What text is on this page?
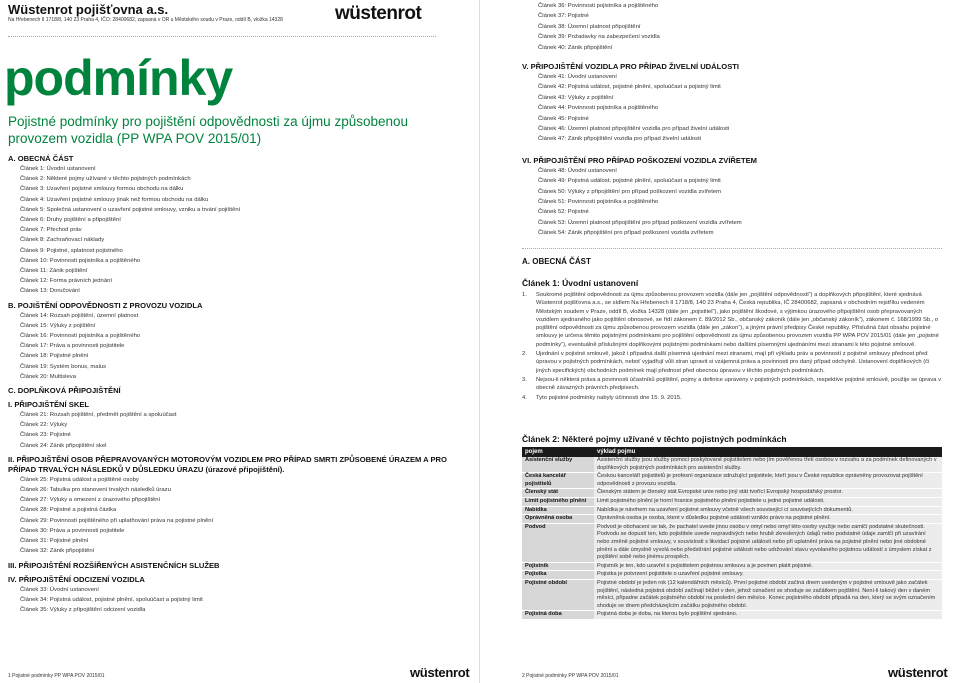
Wüstenrot pojišťovna a.s.
Na Hřebenech II 1718/8, 140 23 Praha 4, IČO: 28400682, zapsaná v OR u Městského soudu v Praze, oddíl B, vložka 14328	wüstenrot
podmínky
Pojistné podmínky pro pojištění odpovědnosti za újmu způsobenou provozem vozidla (PP WPA POV 2015/01)
A. OBECNÁ ČÁST
Článek 1: Úvodní ustanovení
Článek 2: Některé pojmy užívané v těchto pojistných podmínkách
Článek 3: Uzavření pojistné smlouvy formou obchodu na dálku
Článek 4: Uzavření pojistné smlouvy jinak než formou obchodu na dálku
Článek 5: Společná ustanovení o uzavření pojistné smlouvy, vzniku a trvání pojištění
Článek 6: Druhy pojištění a připojištění
Článek 7: Přechod práv
Článek 8: Zachraňovací náklady
Článek 9: Pojistné, splatnost pojistného
Článek 10: Povinnosti pojistníka a pojištěného
Článek 11: Zánik pojištění
Článek 12: Forma právních jednání
Článek 13: Doručování
B. POJIŠTĚNÍ ODPOVĚDNOSTI Z PROVOZU VOZIDLA
Článek 14: Rozsah pojištění, územní platnost
Článek 15: Výluky z pojištění
Článek 16: Povinnosti pojistníka a pojištěného
Článek 17: Práva a povinnosti pojistitele
Článek 18: Pojistné plnění
Článek 19: Systém bonus, malus
Článek 20: Multisleva
C. DOPLŇKOVÁ PŘIPOJIŠTĚNÍ
I. PŘIPOJIŠTĚNÍ SKEL
Článek 21: Rozsah pojištění, předmět pojištění a spoluúčast
Článek 22: Výluky
Článek 23: Pojistné
Článek 24: Zánik připojištění skel
II. PŘIPOJIŠTĚNÍ OSOB PŘEPRAVOVANÝCH MOTOROVÝM VOZIDLEM PRO PŘÍPAD SMRTI ZPŮSOBENÉ ÚRAZEM A PRO PŘÍPAD TRVALÝCH NÁSLEDKŮ V DŮSLEDKU ÚRAZU (úrazové připojištění).
Článek 25: Pojistná událost a pojištěné osoby
Článek 26: Tabulka pro stanovení trvalých následků úrazu
Článek 27: Výluky a omezení z úrazového připojištění
Článek 28: Pojistné a pojistná částka
Článek 29: Povinnosti pojištěného při uplatňování práva na pojistné plnění
Článek 30: Práva a povinnosti pojistitele
Článek 31: Pojistné plnění
Článek 32: Zánik připojištění
III. PŘIPOJIŠTĚNÍ ROZŠÍŘENÝCH ASISTENČNÍCH SLUŽEB
IV. PŘIPOJIŠTĚNÍ ODCIZENÍ VOZIDLA
Článek 33: Úvodní ustanovení
Článek 34: Pojistná událost, pojistné plnění, spoluúčast a pojistný limit
Článek 35: Výluky z připojištění odcizení vozidla
1 Pojistné podmínky PP WPA POV 2015/01	wüstenrot
Článek 36: Povinnosti pojistníka a pojištěného
Článek 37: Pojistné
Článek 38: Územní platnost připojištění
Článek 39: Požadavky na zabezpečení vozidla
Článek 40: Zánik připojištění
V. PŘIPOJIŠTĚNÍ VOZIDLA PRO PŘÍPAD ŽIVELNÍ UDÁLOSTI
Článek 41: Úvodní ustanovení
Článek 42: Pojistná událost, pojistné plnění, spoluúčast a pojistný limit
Článek 43: Výluky z pojištění
Článek 44: Povinnosti pojistníka a pojištěného
Článek 45: Pojistné
Článek 46: Územní platnost připojištění vozidla pro případ živelní události
Článek 47: Zánik připojištění vozidla pro případ živelní události
VI. PŘIPOJIŠTĚNÍ PRO PŘÍPAD POŠKOZENÍ VOZIDLA ZVÍŘETEM
Článek 48: Úvodní ustanovení
Článek 49: Pojistná událost, pojistné plnění, spoluúčast a pojistný limit
Článek 50: Výluky z připojištění pro případ poškození vozidla zvířetem
Článek 51: Povinnosti pojistníka a pojištěného
Článek 52: Pojistné
Článek 53: Územní platnost připojištění pro případ poškození vozidla zvířetem
Článek 54: Zánik připojištění pro případ poškození vozidla zvířetem
A. OBECNÁ ČÁST
Článek 1: Úvodní ustanovení
1.	Soukromé pojištění odpovědnosti za újmu způsobenou provozem vozidla (dále jen „pojištění odpovědnosti“) a doplňkových připojištění, které sjednává Wüstenrot pojišťovna a.s., se sídlem Na Hřebenech II 1718/8, 140 23 Praha 4, Česká republika, IČ 28400682, zapsaná v obchodním rejstříku vedeném Městským soudem v Praze, oddíl B, vložka 14328 (dále jen „pojistitel“), jako pojištění škodové, s výjimkou úrazového připojištění osob přepravovaných vozidlem sjednaného jako pojištění obnosové, se řídí zákonem č. 89/2012 Sb., občanský zákoník (dále jen „občanský zákoník“), zákonem č. 168/1999 Sb., o pojištění odpovědnosti za újmu způsobenou provozem vozidla (dále jen „zákon“), a jinými právní předpisy České republiky. Příslušná část obsahu pojistné smlouvy je určena těmito pojistnými podmínkami pro pojištění odpovědnosti za újmu způsobenou provozem vozidla PP WPA POV 2015/01 (dále jen „pojistné podmínky“), eventuálně příslušnými doplňkovými pojistnými podmínkami nebo dalšími písemnými ujednáními mezi stranami k této pojistné smlouvě.
2.	Ujednání v pojistné smlouvě, jakož i případná další písemná ujednání mezi stranami, mají při výkladu práv a povinností z pojistné smlouvy přednost před úpravou v pojistných podmínkách, neboť vyjadřují vůli stran upravit si vzájemná práva a povinnosti pro daný případ odchylně. Ustanovení doplňkových (či jiných specifických) obchodních podmínek mají přednost před obecnou úpravou v těchto pojistných podmínkách.
3.	Nejsou-li některá práva a povinnosti účastníků pojištění, pojmy a definice upraveny v pojistných podmínkách, respektive pojistné smlouvě, použije se úprava v obecně závazných právních předpisech.
4.	Tyto pojistné podmínky nabyly účinnosti dne 15. 9. 2015.
Článek 2: Některé pojmy užívané v těchto pojistných podmínkách
pojem	výklad pojmu
Asistenční služby	Asistenční služby jsou služby pomoci poskytované pojistitelem nebo jím pověřenou třetí osobou v rozsahu a za podmínek definovaných v doplňkových pojistných podmínkách pro asistenční služby.
Česká kancelář pojistitelů	Českou kanceláří pojistitelů je profesní organizace sdružující pojistitele, kteří jsou v České republice oprávněny provozovat pojištění odpovědnosti z provozu vozidla.
Členský stát	Členským státem je členský stát Evropské unie nebo jiný stát tvořící Evropský hospodářský prostor.
Limit pojistného plnění	Limit pojistného plnění je horní hranice pojistného plnění pojistitele u jedné pojistné události.
Nabídka	Nabídka je návrhem na uzavření pojistné smlouvy včetně všech související cí souvisejících dokumentů.
Oprávněná osoba	Oprávněná osoba je osoba, které v důsledku pojistné události vzniklo právo na pojistné plnění.
Podvod	Podvod je obohacení se tak, že pachatel uvede jinou osobu v omyl nebo omyl této osoby využije nebo zamlčí podstatné skutečnosti. Podvodu se dopustí ten, kdo pojistitele uvede nepravdivých nebo hrubě zkreslených údajů nebo podstatné údaje zamlčí při uzavírání nebo změně pojistné smlouvy, v souvislosti s likvidací pojistné události nebo při uplatnění práva na pojistné plnění nebo jiné obdobné plnění a dále úmyslně vyvolá nebo předstírání pojistné události nebo udržování stavu vyvolaného pojistnou událostí s úmyslem získat z pojištění sobě nebo jinému prospěch.
Pojistník	Pojistník je ten, kdo uzavřel s pojistitelem pojistnou smlouvu a je povinen platit pojistné.
Pojistka	Pojistka je potvrzení pojistitele o uzavření pojistné smlouvy.
Pojistné období	Pojistné období je jeden rok (12 kalendářních měsíců). První pojistné období začíná dnem uvedeným v pojistné smlouvě jako začátek pojištění, následná pojistná období začínají běžet v den, jehož označení se shoduje se začátkem pojištění. Není-li takový den v daném měsíci, připadne začátek pojistného období na poslední den měsíce. Konec pojistného období připadá na den, který se svým označením shoduje se dnem předcházejícím začátku pojistného období.
Pojistná doba	Pojistná doba je doba, na kterou bylo pojištění sjednáno.
2 Pojistné podmínky PP WPA POV 2015/01	wüstenrot
